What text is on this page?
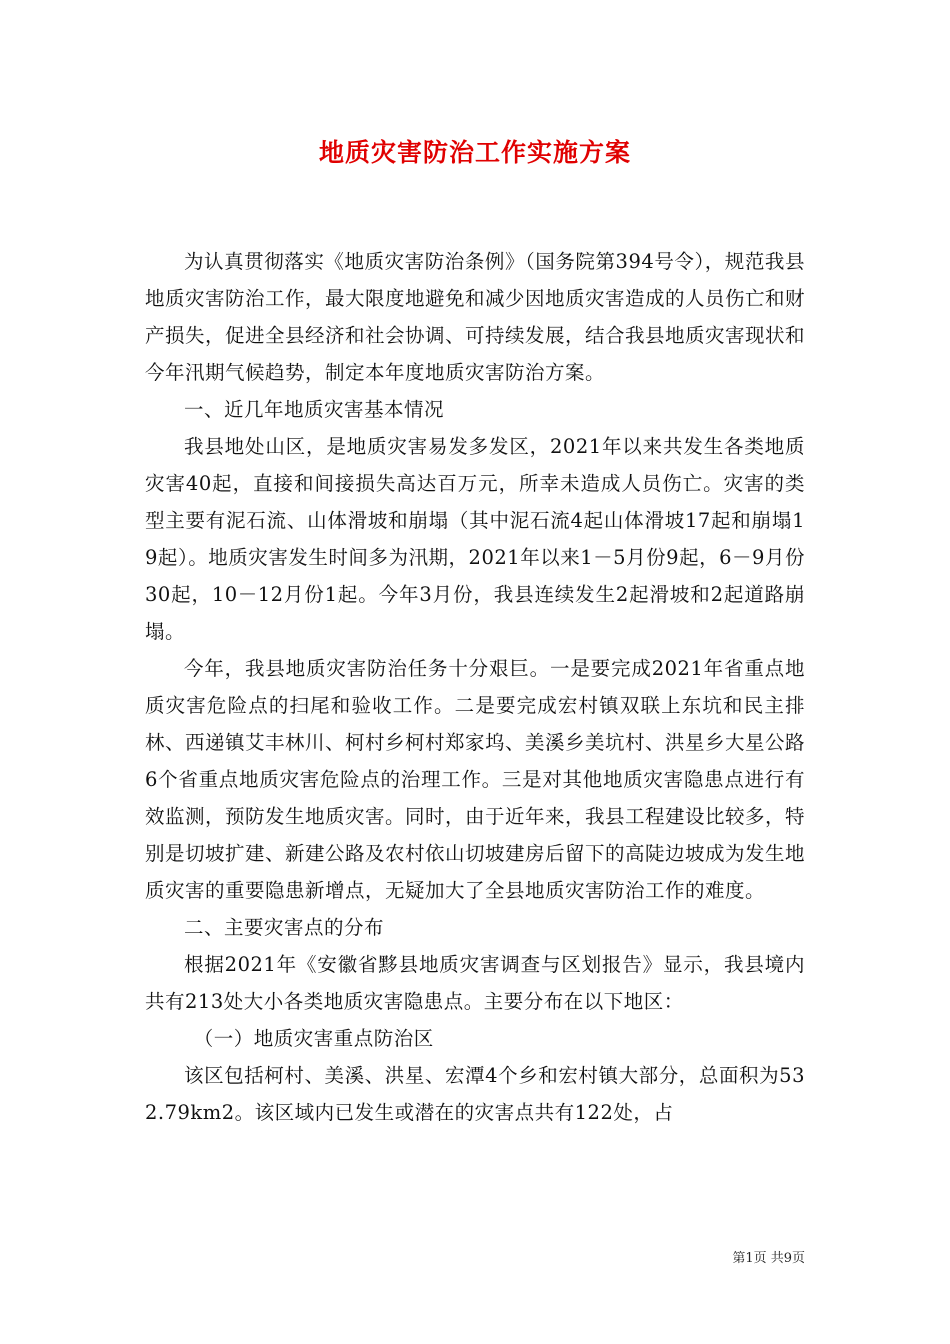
地质灾害防治工作实施方案

为认真贯彻落实《地质灾害防治条例》（国务院第394号令），规范我县地质灾害防治工作，最大限度地避免和减少因地质灾害造成的人员伤亡和财产损失，促进全县经济和社会协调、可持续发展，结合我县地质灾害现状和今年汛期气候趋势，制定本年度地质灾害防治方案。

一、近几年地质灾害基本情况

我县地处山区，是地质灾害易发多发区，2021年以来共发生各类地质灾害40起，直接和间接损失高达百万元，所幸未造成人员伤亡。灾害的类型主要有泥石流、山体滑坡和崩塌（其中泥石流4起山体滑坡17起和崩塌19起）。地质灾害发生时间多为汛期，2021年以来1－5月份9起，6－9月份30起，10－12月份1起。今年3月份，我县连续发生2起滑坡和2起道路崩塌。

今年，我县地质灾害防治任务十分艰巨。一是要完成2021年省重点地质灾害危险点的扫尾和验收工作。二是要完成宏村镇双联上东坑和民主排林、西递镇艾丰林川、柯村乡柯村郑家坞、美溪乡美坑村、洪星乡大星公路6个省重点地质灾害危险点的治理工作。三是对其他地质灾害隐患点进行有效监测，预防发生地质灾害。同时，由于近年来，我县工程建设比较多，特别是切坡扩建、新建公路及农村依山切坡建房后留下的高陡边坡成为发生地质灾害的重要隐患新增点，无疑加大了全县地质灾害防治工作的难度。

二、主要灾害点的分布

根据2021年《安徽省黟县地质灾害调查与区划报告》显示，我县境内共有213处大小各类地质灾害隐患点。主要分布在以下地区：

（一）地质灾害重点防治区

该区包括柯村、美溪、洪星、宏潭4个乡和宏村镇大部分，总面积为532.79km2。该区域内已发生或潜在的灾害点共有122处，占

第1页 共9页
